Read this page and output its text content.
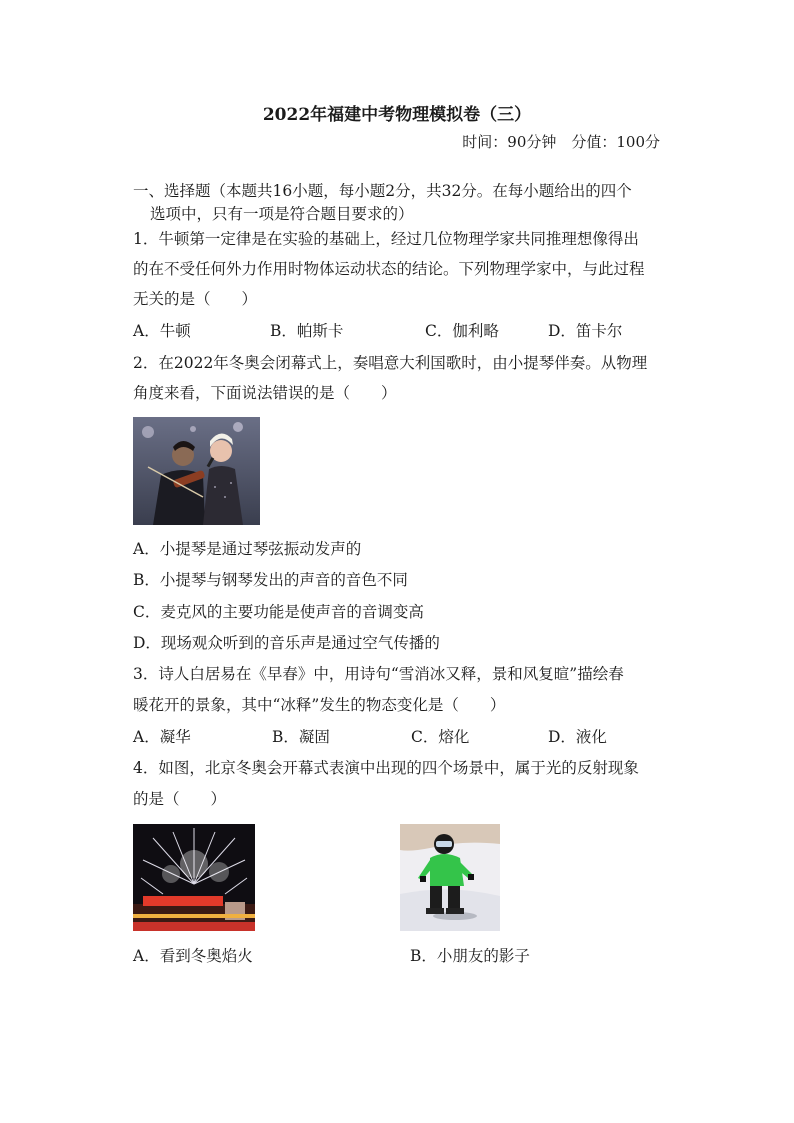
2022年福建中考物理模拟卷（三）
时间：90分钟　分值：100分
一、选择题（本题共16小题，每小题2分，共32分。在每小题给出的四个
选项中，只有一项是符合题目要求的）
1．牛顿第一定律是在实验的基础上，经过几位物理学家共同推理想像得出
的在不受任何外力作用时物体运动状态的结论。下列物理学家中，与此过程
无关的是（　　）
A．牛顿	B．帕斯卡	C．伽利略	D．笛卡尔
2．在2022年冬奥会闭幕式上，奏唱意大利国歌时，由小提琴伴奏。从物理
角度来看，下面说法错误的是（　　）
A．小提琴是通过琴弦振动发声的
B．小提琴与钢琴发出的声音的音色不同
C．麦克风的主要功能是使声音的音调变高
D．现场观众听到的音乐声是通过空气传播的
3．诗人白居易在《早春》中，用诗句“雪消冰又释，景和风复暄”描绘春
暖花开的景象，其中“冰释”发生的物态变化是（　　）
A．凝华	B．凝固	C．熔化	D．液化
4．如图，北京冬奥会开幕式表演中出现的四个场景中，属于光的反射现象
的是（　　）
A．看到冬奥焰火	B．小朋友的影子
